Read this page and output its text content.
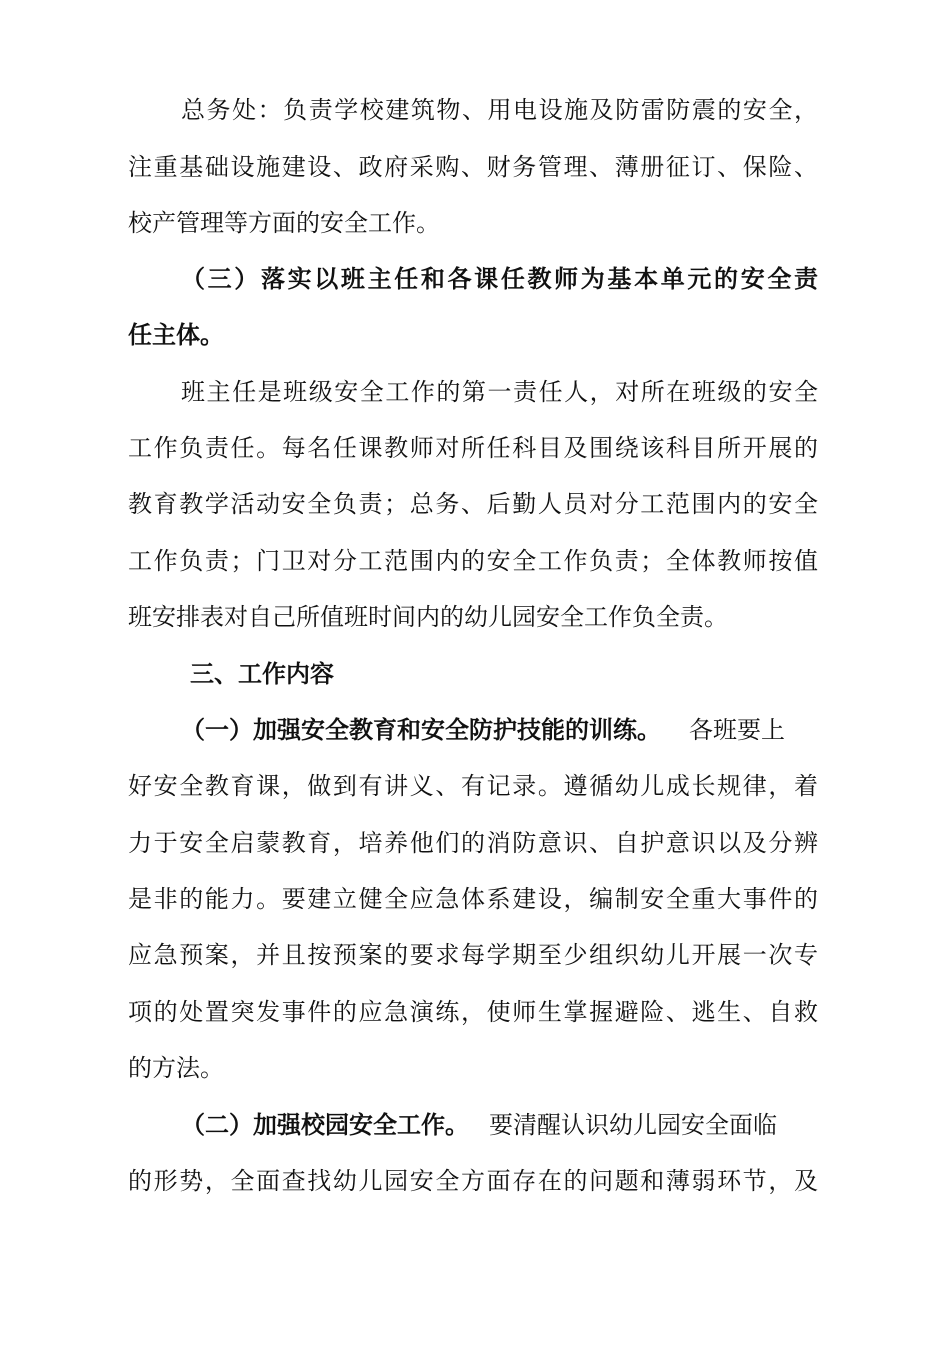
总务处：负责学校建筑物、用电设施及防雷防震的安全，
注重基础设施建设、政府采购、财务管理、薄册征订、保险、
校产管理等方面的安全工作。
（三）落实以班主任和各课任教师为基本单元的安全责
任主体。
班主任是班级安全工作的第一责任人，对所在班级的安全
工作负责任。每名任课教师对所任科目及围绕该科目所开展的
教育教学活动安全负责；总务、后勤人员对分工范围内的安全
工作负责；门卫对分工范围内的安全工作负责；全体教师按值
班安排表对自己所值班时间内的幼儿园安全工作负全责。
三、工作内容
（一）加强安全教育和安全防护技能的训练。 各班要上
好安全教育课，做到有讲义、有记录。遵循幼儿成长规律，着
力于安全启蒙教育，培养他们的消防意识、自护意识以及分辨
是非的能力。要建立健全应急体系建设，编制安全重大事件的
应急预案，并且按预案的要求每学期至少组织幼儿开展一次专
项的处置突发事件的应急演练，使师生掌握避险、逃生、自救
的方法。
（二）加强校园安全工作。 要清醒认识幼儿园安全面临
的形势，全面查找幼儿园安全方面存在的问题和薄弱环节，及
